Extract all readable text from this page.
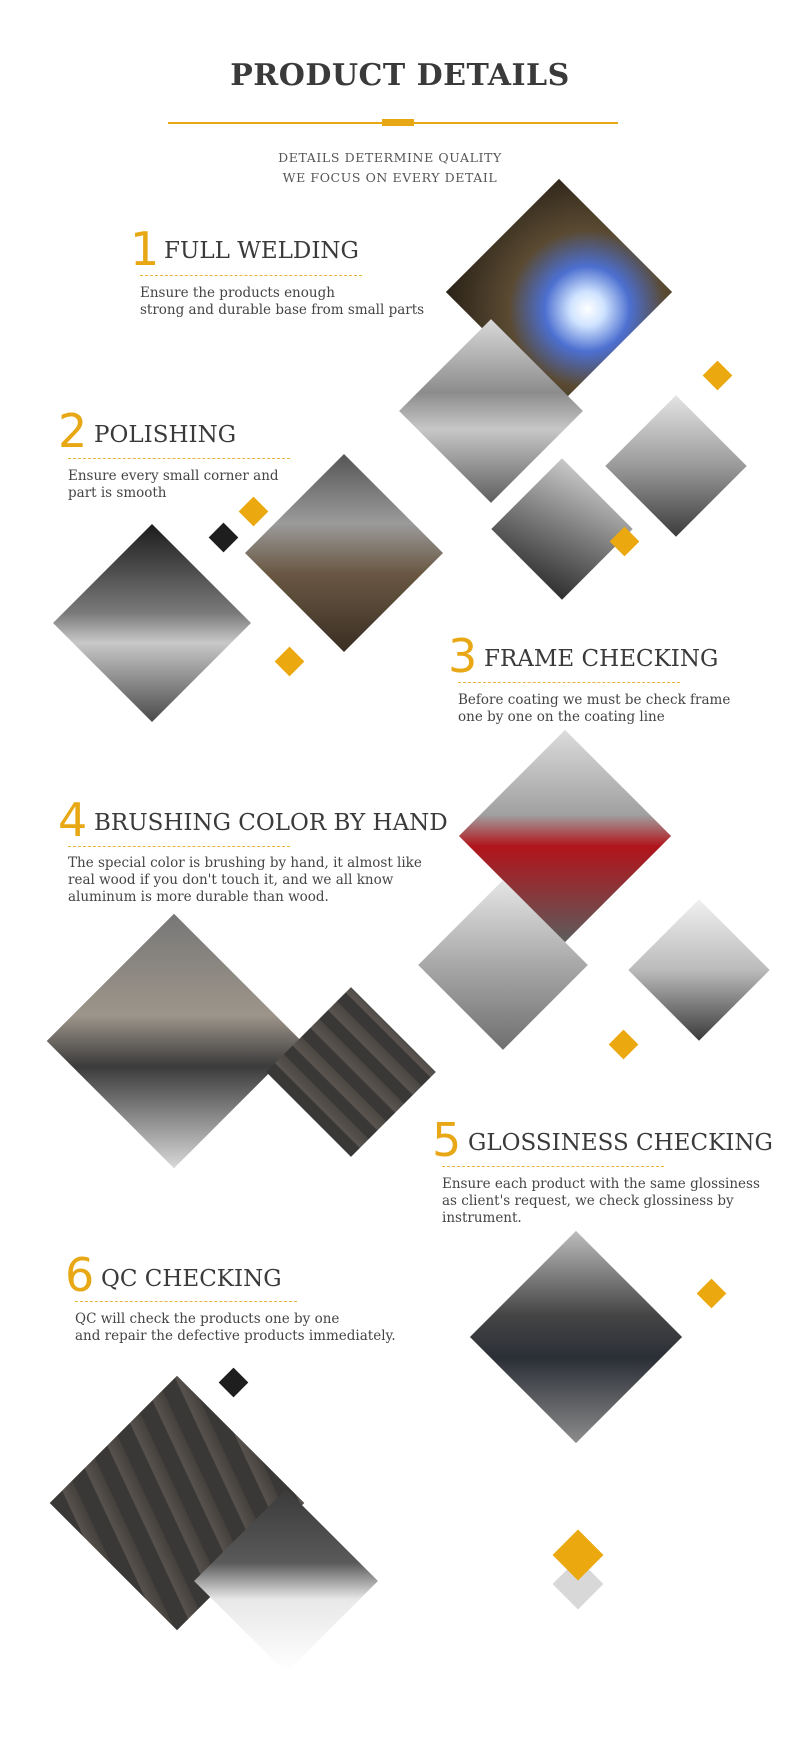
PRODUCT DETAILS
DETAILS DETERMINE QUALITY
WE FOCUS ON EVERY DETAIL
1 FULL WELDING
Ensure the products enough
strong and durable base from small parts
2 POLISHING
Ensure every small corner and
part is smooth
3 FRAME CHECKING
Before coating we must be check frame
one by one on the coating line
4 BRUSHING COLOR BY HAND
The special color is brushing by hand, it almost like
real wood if you don't touch it, and we all know
aluminum is more durable than wood.
5 GLOSSINESS CHECKING
Ensure each product with the same glossiness
as client's request, we check glossiness by
instrument.
6 QC CHECKING
QC will check the products one by one
and repair the defective products immediately.
